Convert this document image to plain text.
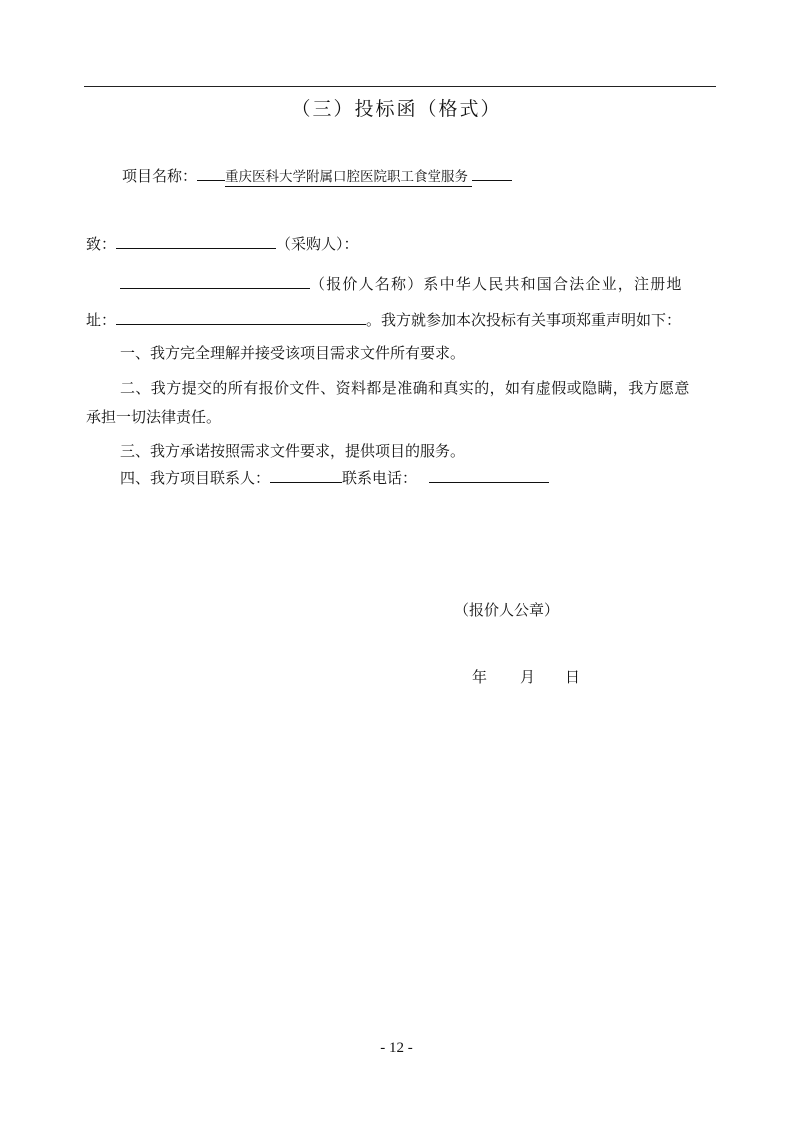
（三）投标函（格式）
项目名称： 重庆医科大学附属口腔医院职工食堂服务
致：	（采购人）：
（报价人名称）系中华人民共和国合法企业，注册地
址：	。我方就参加本次投标有关事项郑重声明如下：
一、我方完全理解并接受该项目需求文件所有要求。
二、我方提交的所有报价文件、资料都是准确和真实的，如有虚假或隐瞒，我方愿意
承担一切法律责任。
三、我方承诺按照需求文件要求，提供项目的服务。
四、我方项目联系人：	联系电话：
（报价人公章）
年 月 日
- 12 -
